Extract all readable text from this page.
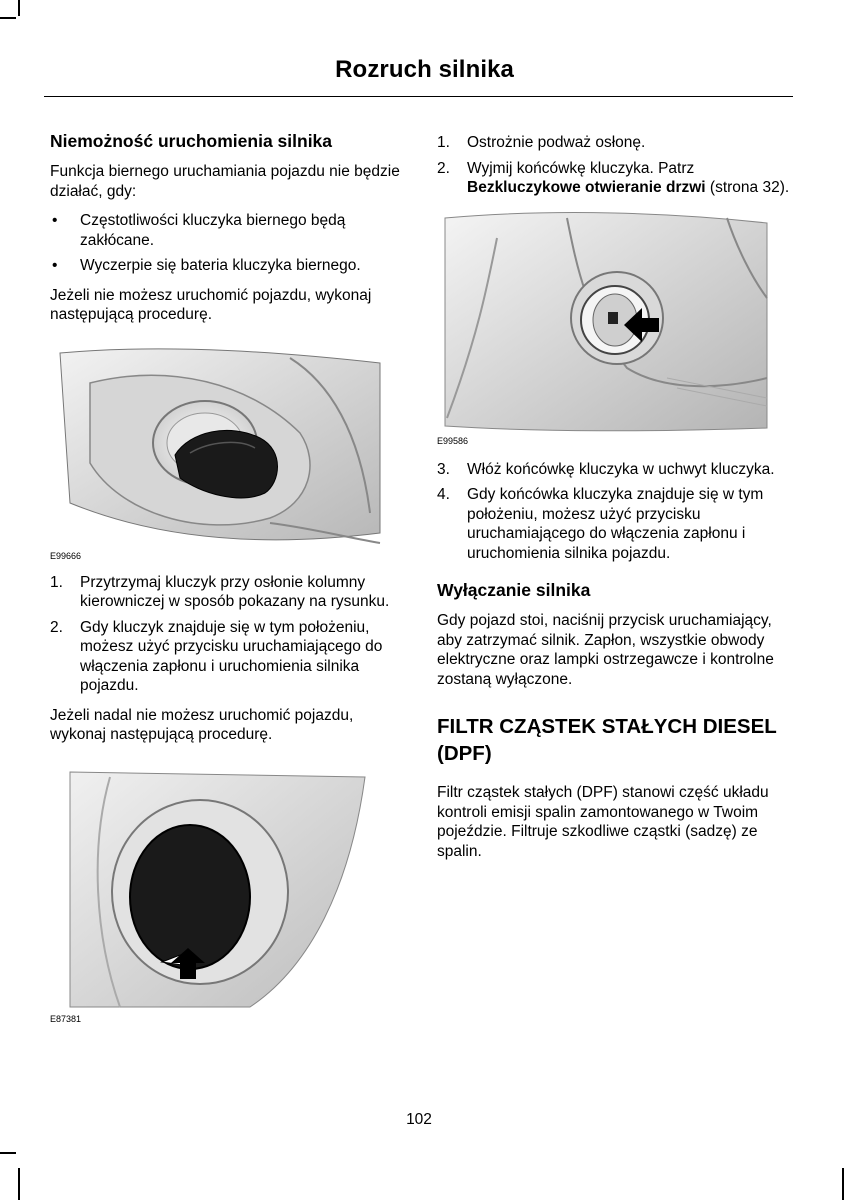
Rozruch silnika
Niemożność uruchomienia silnika

Funkcja biernego uruchamiania pojazdu nie będzie działać, gdy:

• Częstotliwości kluczyka biernego będą zakłócane.
• Wyczerpie się bateria kluczyka biernego.

Jeżeli nie możesz uruchomić pojazdu, wykonaj następującą procedurę.

E99666
1. Przytrzymaj kluczyk przy osłonie kolumny kierowniczej w sposób pokazany na rysunku.
2. Gdy kluczyk znajduje się w tym położeniu, możesz użyć przycisku uruchamiającego do włączenia zapłonu i uruchomienia silnika pojazdu.

Jeżeli nadal nie możesz uruchomić pojazdu, wykonaj następującą procedurę.

E87381
1. Ostrożnie podważ osłonę.
2. Wyjmij końcówkę kluczyka. Patrz Bezkluczykowe otwieranie drzwi (strona 32).
E99586
3. Włóż końcówkę kluczyka w uchwyt kluczyka.
4. Gdy końcówka kluczyka znajduje się w tym położeniu, możesz użyć przycisku uruchamiającego do włączenia zapłonu i uruchomienia silnika pojazdu.
Wyłączanie silnika

Gdy pojazd stoi, naciśnij przycisk uruchamiający, aby zatrzymać silnik. Zapłon, wszystkie obwody elektryczne oraz lampki ostrzegawcze i kontrolne zostaną wyłączone.

FILTR CZĄSTEK STAŁYCH DIESEL (DPF)

Filtr cząstek stałych (DPF) stanowi część układu kontroli emisji spalin zamontowanego w Twoim pojeździe. Filtruje szkodliwe cząstki (sadzę) ze spalin.

102
